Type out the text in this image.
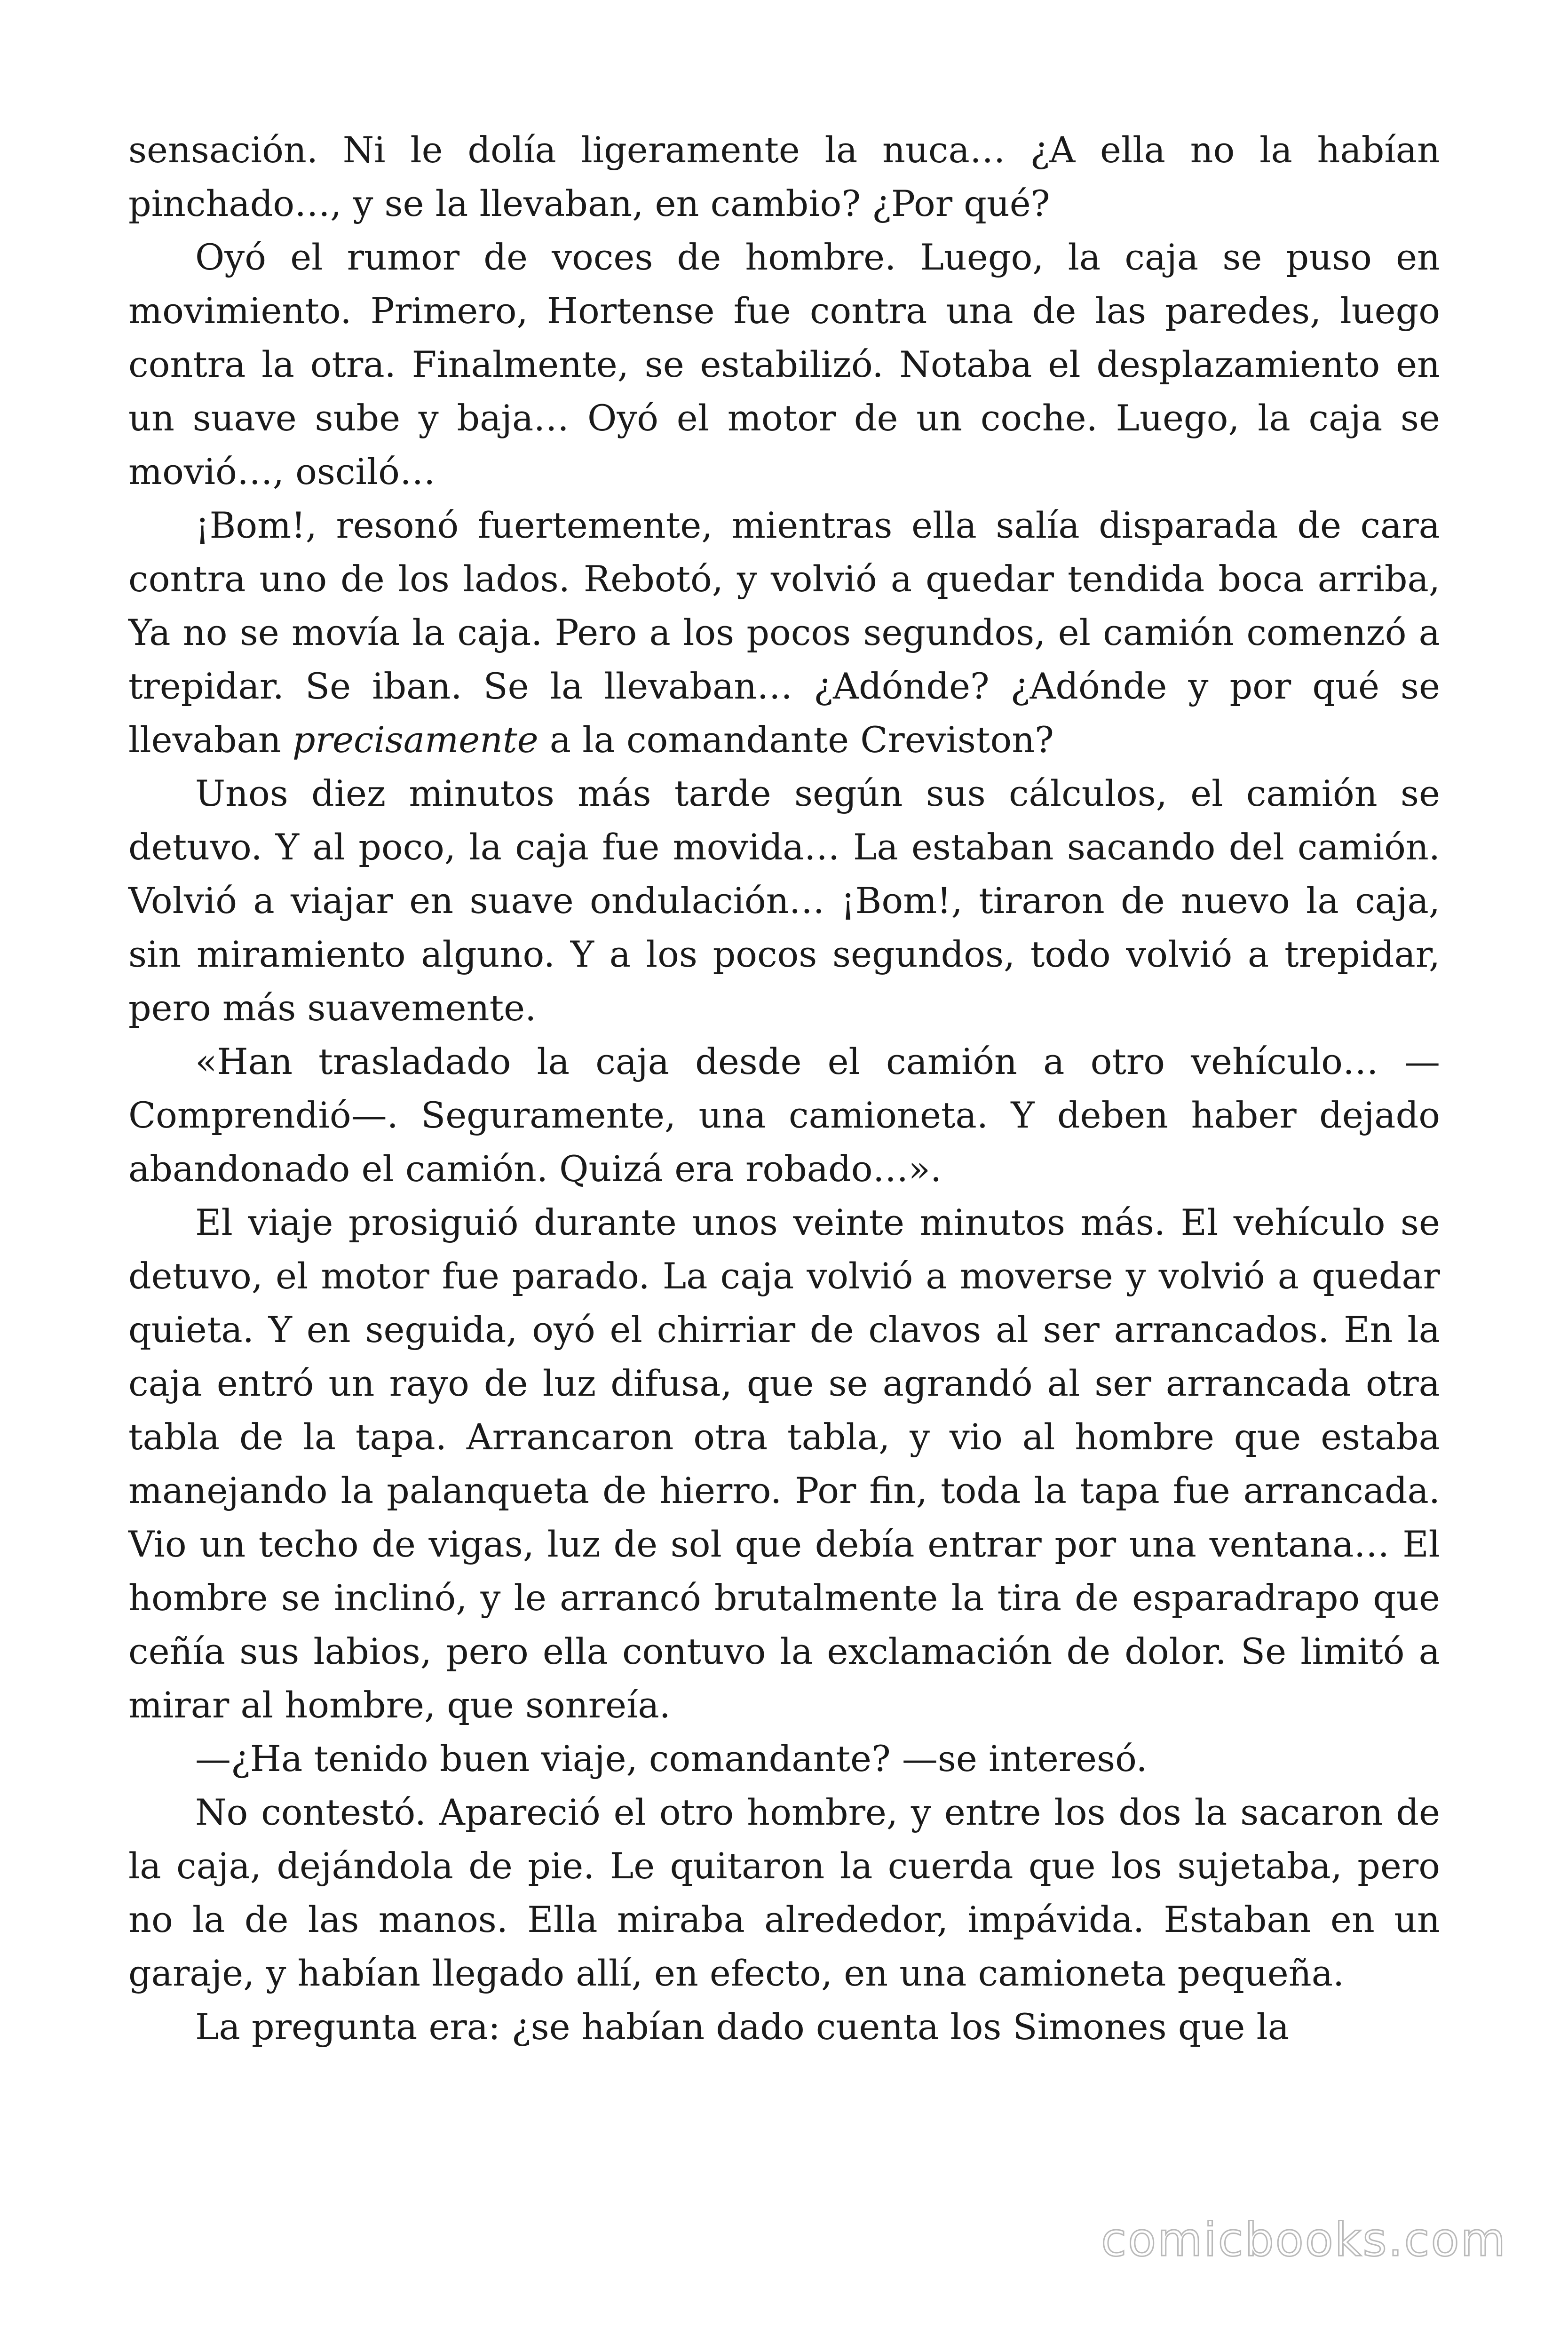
sensación. Ni le dolía ligeramente la nuca… ¿A ella no la habían pinchado…, y se la llevaban, en cambio? ¿Por qué?

Oyó el rumor de voces de hombre. Luego, la caja se puso en movimiento. Primero, Hortense fue contra una de las paredes, luego contra la otra. Finalmente, se estabilizó. Notaba el desplazamiento en un suave sube y baja… Oyó el motor de un coche. Luego, la caja se movió…, osciló…

¡Bom!, resonó fuertemente, mientras ella salía disparada de cara contra uno de los lados. Rebotó, y volvió a quedar tendida boca arriba, Ya no se movía la caja. Pero a los pocos segundos, el camión comenzó a trepidar. Se iban. Se la llevaban… ¿Adónde? ¿Adónde y por qué se llevaban precisamente a la comandante Creviston?

Unos diez minutos más tarde según sus cálculos, el camión se detuvo. Y al poco, la caja fue movida… La estaban sacando del camión. Volvió a viajar en suave ondulación… ¡Bom!, tiraron de nuevo la caja, sin miramiento alguno. Y a los pocos segundos, todo volvió a trepidar, pero más suavemente.

«Han trasladado la caja desde el camión a otro vehículo… —Comprendió—. Seguramente, una camioneta. Y deben haber dejado abandonado el camión. Quizá era robado…».

El viaje prosiguió durante unos veinte minutos más. El vehículo se detuvo, el motor fue parado. La caja volvió a moverse y volvió a quedar quieta. Y en seguida, oyó el chirriar de clavos al ser arrancados. En la caja entró un rayo de luz difusa, que se agrandó al ser arrancada otra tabla de la tapa. Arrancaron otra tabla, y vio al hombre que estaba manejando la palanqueta de hierro. Por fin, toda la tapa fue arrancada. Vio un techo de vigas, luz de sol que debía entrar por una ventana… El hombre se inclinó, y le arrancó brutalmente la tira de esparadrapo que ceñía sus labios, pero ella contuvo la exclamación de dolor. Se limitó a mirar al hombre, que sonreía.

—¿Ha tenido buen viaje, comandante? —se interesó.

No contestó. Apareció el otro hombre, y entre los dos la sacaron de la caja, dejándola de pie. Le quitaron la cuerda que los sujetaba, pero no la de las manos. Ella miraba alrededor, impávida. Estaban en un garaje, y habían llegado allí, en efecto, en una camioneta pequeña.

La pregunta era: ¿se habían dado cuenta los Simones que la

comicbooks.com
